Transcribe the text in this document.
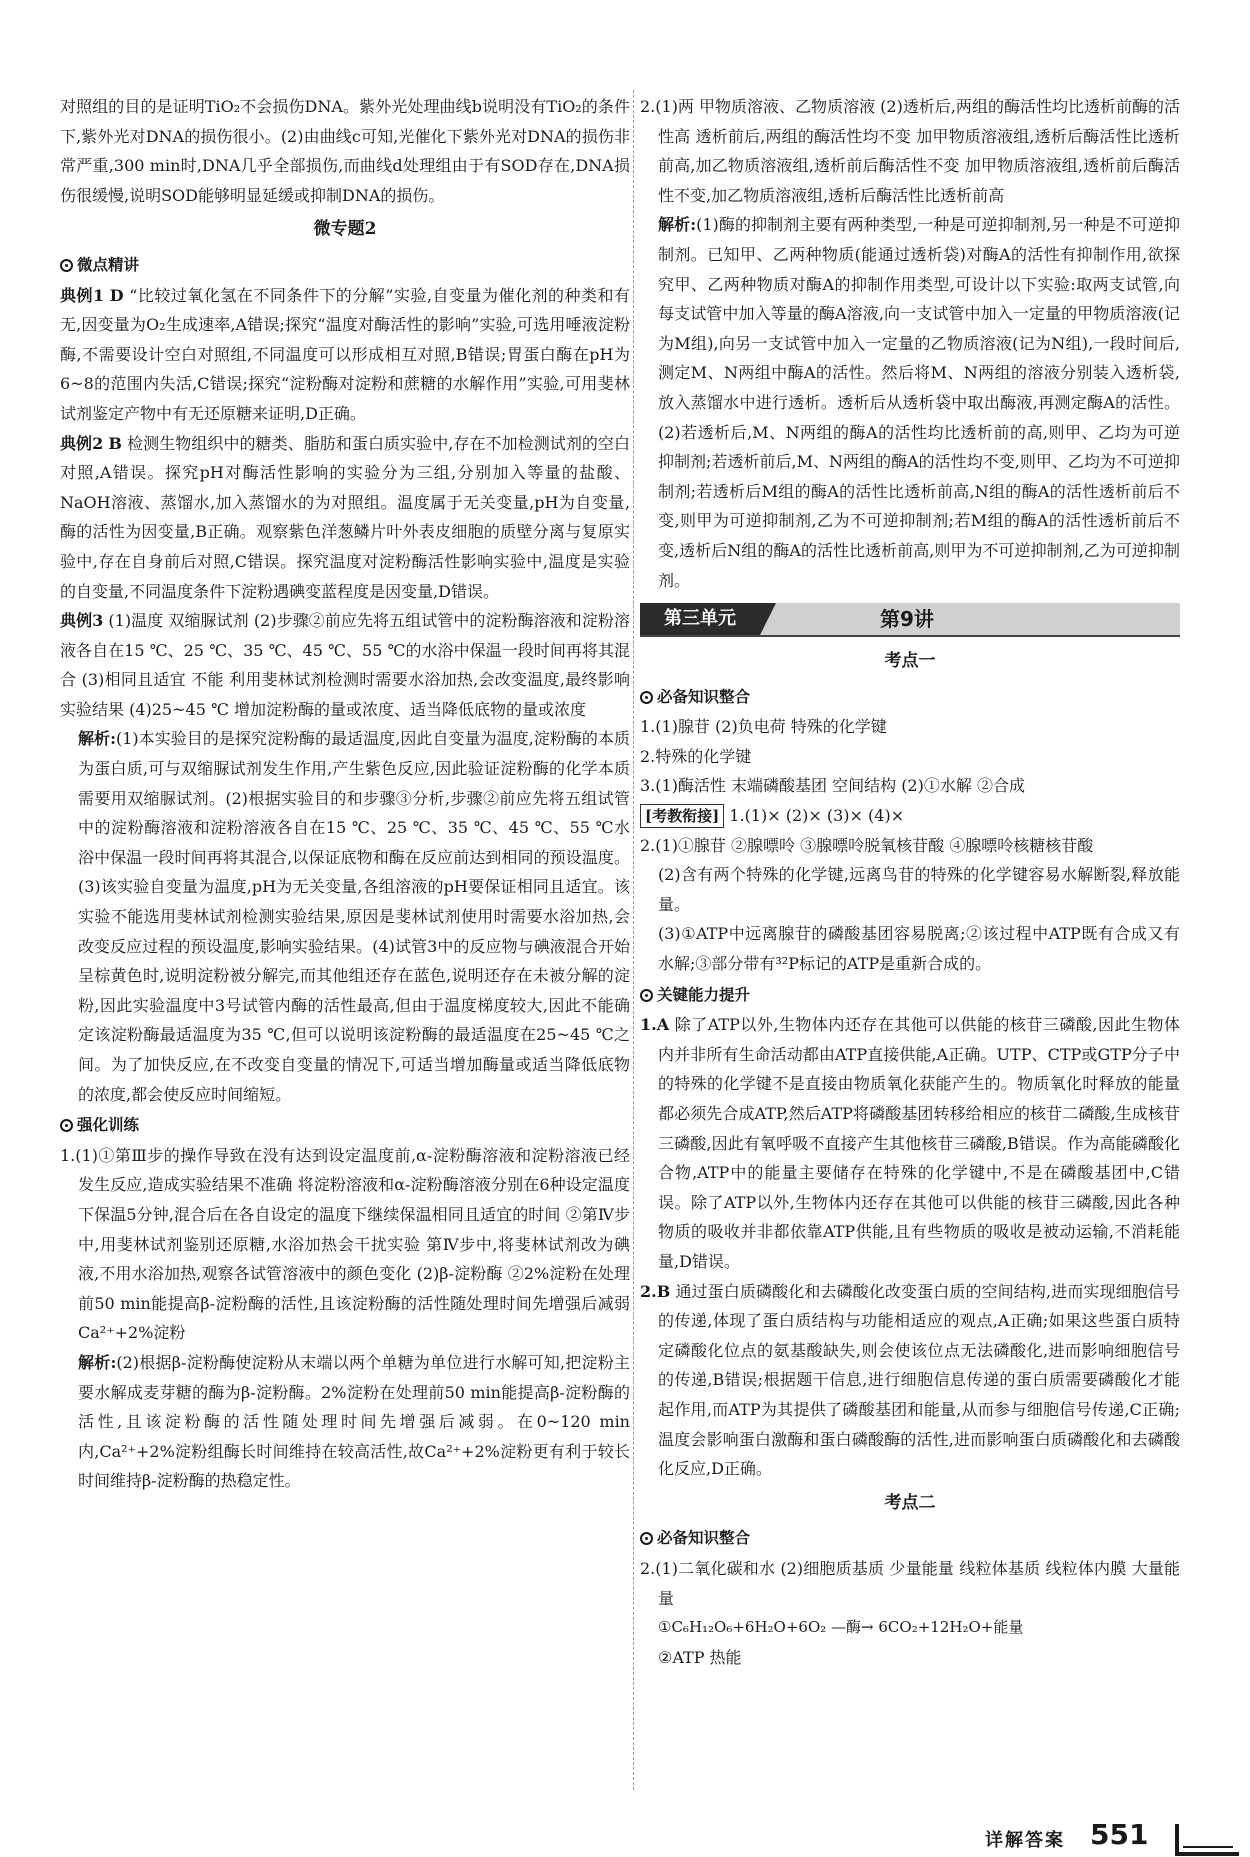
对照组的目的是证明TiO₂不会损伤DNA。紫外光处理曲线b说明没有TiO₂的条件下,紫外光对DNA的损伤很小。(2)由曲线c可知,光催化下紫外光对DNA的损伤非常严重,300 min时,DNA几乎全部损伤,而曲线d处理组由于有SOD存在,DNA损伤很缓慢,说明SOD能够明显延缓或抑制DNA的损伤。

微专题2
微点精讲

典例1 D “比较过氧化氢在不同条件下的分解”实验,自变量为催化剂的种类和有无,因变量为O₂生成速率,A错误;探究“温度对酶活性的影响”实验,可选用唾液淀粉酶,不需要设计空白对照组,不同温度可以形成相互对照,B错误;胃蛋白酶在pH为6~8的范围内失活,C错误;探究“淀粉酶对淀粉和蔗糖的水解作用”实验,可用斐林试剂鉴定产物中有无还原糖来证明,D正确。

典例2 B 检测生物组织中的糖类、脂肪和蛋白质实验中,存在不加检测试剂的空白对照,A错误。探究pH对酶活性影响的实验分为三组,分别加入等量的盐酸、NaOH溶液、蒸馏水,加入蒸馏水的为对照组。温度属于无关变量,pH为自变量,酶的活性为因变量,B正确。观察紫色洋葱鳞片叶外表皮细胞的质壁分离与复原实验中,存在自身前后对照,C错误。探究温度对淀粉酶活性影响实验中,温度是实验的自变量,不同温度条件下淀粉遇碘变蓝程度是因变量,D错误。

典例3 (1)温度 双缩脲试剂 (2)步骤②前应先将五组试管中的淀粉酶溶液和淀粉溶液各自在15 ℃、25 ℃、35 ℃、45 ℃、55 ℃的水浴中保温一段时间再将其混合 (3)相同且适宜 不能 利用斐林试剂检测时需要水浴加热,会改变温度,最终影响实验结果 (4)25~45 ℃ 增加淀粉酶的量或浓度、适当降低底物的量或浓度

解析:(1)本实验目的是探究淀粉酶的最适温度,因此自变量为温度,淀粉酶的本质为蛋白质,可与双缩脲试剂发生作用,产生紫色反应,因此验证淀粉酶的化学本质需要用双缩脲试剂。(2)根据实验目的和步骤③分析,步骤②前应先将五组试管中的淀粉酶溶液和淀粉溶液各自在15 ℃、25 ℃、35 ℃、45 ℃、55 ℃水浴中保温一段时间再将其混合,以保证底物和酶在反应前达到相同的预设温度。(3)该实验自变量为温度,pH为无关变量,各组溶液的pH要保证相同且适宜。该实验不能选用斐林试剂检测实验结果,原因是斐林试剂使用时需要水浴加热,会改变反应过程的预设温度,影响实验结果。(4)试管3中的反应物与碘液混合开始呈棕黄色时,说明淀粉被分解完,而其他组还存在蓝色,说明还存在未被分解的淀粉,因此实验温度中3号试管内酶的活性最高,但由于温度梯度较大,因此不能确定该淀粉酶最适温度为35 ℃,但可以说明该淀粉酶的最适温度在25~45 ℃之间。为了加快反应,在不改变自变量的情况下,可适当增加酶量或适当降低底物的浓度,都会使反应时间缩短。

强化训练

1.(1)①第Ⅲ步的操作导致在没有达到设定温度前,α-淀粉酶溶液和淀粉溶液已经发生反应,造成实验结果不准确 将淀粉溶液和α-淀粉酶溶液分别在6种设定温度下保温5分钟,混合后在各自设定的温度下继续保温相同且适宜的时间 ②第Ⅳ步中,用斐林试剂鉴别还原糖,水浴加热会干扰实验 第Ⅳ步中,将斐林试剂改为碘液,不用水浴加热,观察各试管溶液中的颜色变化 (2)β-淀粉酶 ②2%淀粉在处理前50 min能提高β-淀粉酶的活性,且该淀粉酶的活性随处理时间先增强后减弱 Ca²⁺+2%淀粉

解析:(2)根据β-淀粉酶使淀粉从末端以两个单糖为单位进行水解可知,把淀粉主要水解成麦芽糖的酶为β-淀粉酶。2%淀粉在处理前50 min能提高β-淀粉酶的活性,且该淀粉酶的活性随处理时间先增强后减弱。在0~120 min内,Ca²⁺+2%淀粉组酶长时间维持在较高活性,故Ca²⁺+2%淀粉更有利于较长时间维持β-淀粉酶的热稳定性。

2.(1)两 甲物质溶液、乙物质溶液 (2)透析后,两组的酶活性均比透析前酶的活性高 透析前后,两组的酶活性均不变 加甲物质溶液组,透析后酶活性比透析前高,加乙物质溶液组,透析前后酶活性不变 加甲物质溶液组,透析前后酶活性不变,加乙物质溶液组,透析后酶活性比透析前高

解析:(1)酶的抑制剂主要有两种类型,一种是可逆抑制剂,另一种是不可逆抑制剂。已知甲、乙两种物质(能通过透析袋)对酶A的活性有抑制作用,欲探究甲、乙两种物质对酶A的抑制作用类型,可设计以下实验:取两支试管,向每支试管中加入等量的酶A溶液,向一支试管中加入一定量的甲物质溶液(记为M组),向另一支试管中加入一定量的乙物质溶液(记为N组),一段时间后,测定M、N两组中酶A的活性。然后将M、N两组的溶液分别装入透析袋,放入蒸馏水中进行透析。透析后从透析袋中取出酶液,再测定酶A的活性。(2)若透析后,M、N两组的酶A的活性均比透析前的高,则甲、乙均为可逆抑制剂;若透析前后,M、N两组的酶A的活性均不变,则甲、乙均为不可逆抑制剂;若透析后M组的酶A的活性比透析前高,N组的酶A的活性透析前后不变,则甲为可逆抑制剂,乙为不可逆抑制剂;若M组的酶A的活性透析前后不变,透析后N组的酶A的活性比透析前高,则甲为不可逆抑制剂,乙为可逆抑制剂。

第三单元	第9讲
考点一
必备知识整合

1.(1)腺苷 (2)负电荷 特殊的化学键

2.特殊的化学键

3.(1)酶活性 末端磷酸基团 空间结构 (2)①水解 ②合成

[考教衔接] 1.(1)× (2)× (3)× (4)×

2.(1)①腺苷 ②腺嘌呤 ③腺嘌呤脱氧核苷酸 ④腺嘌呤核糖核苷酸

(2)含有两个特殊的化学键,远离鸟苷的特殊的化学键容易水解断裂,释放能量。

(3)①ATP中远离腺苷的磷酸基团容易脱离;②该过程中ATP既有合成又有水解;③部分带有³²P标记的ATP是重新合成的。

关键能力提升

1.A 除了ATP以外,生物体内还存在其他可以供能的核苷三磷酸,因此生物体内并非所有生命活动都由ATP直接供能,A正确。UTP、CTP或GTP分子中的特殊的化学键不是直接由物质氧化获能产生的。物质氧化时释放的能量都必须先合成ATP,然后ATP将磷酸基团转移给相应的核苷二磷酸,生成核苷三磷酸,因此有氧呼吸不直接产生其他核苷三磷酸,B错误。作为高能磷酸化合物,ATP中的能量主要储存在特殊的化学键中,不是在磷酸基团中,C错误。除了ATP以外,生物体内还存在其他可以供能的核苷三磷酸,因此各种物质的吸收并非都依靠ATP供能,且有些物质的吸收是被动运输,不消耗能量,D错误。

2.B 通过蛋白质磷酸化和去磷酸化改变蛋白质的空间结构,进而实现细胞信号的传递,体现了蛋白质结构与功能相适应的观点,A正确;如果这些蛋白质特定磷酸化位点的氨基酸缺失,则会使该位点无法磷酸化,进而影响细胞信号的传递,B错误;根据题干信息,进行细胞信息传递的蛋白质需要磷酸化才能起作用,而ATP为其提供了磷酸基团和能量,从而参与细胞信号传递,C正确;温度会影响蛋白激酶和蛋白磷酸酶的活性,进而影响蛋白质磷酸化和去磷酸化反应,D正确。

考点二
必备知识整合

2.(1)二氧化碳和水 (2)细胞质基质 少量能量 线粒体基质 线粒体内膜 大量能量

①C₆H₁₂O₆+6H₂O+6O₂ —酶→ 6CO₂+12H₂O+能量

②ATP 热能

详解答案 551
